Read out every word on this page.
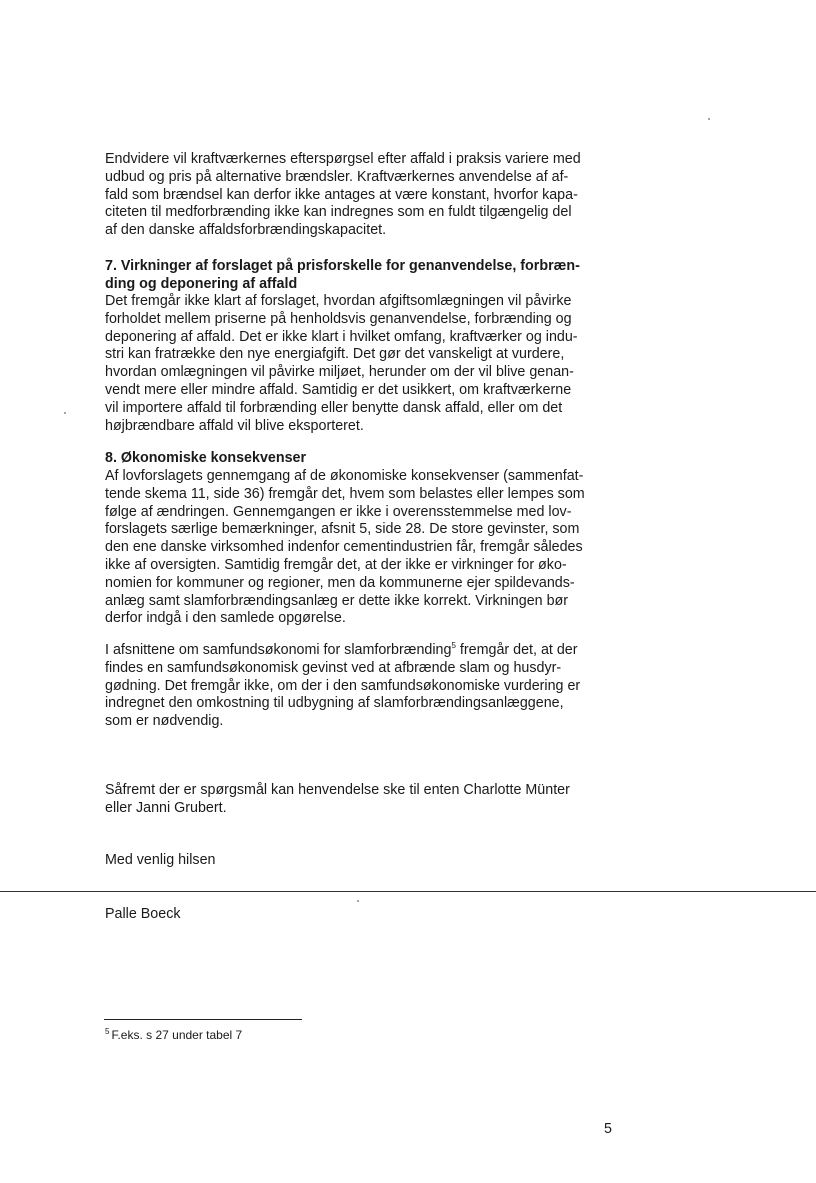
Endvidere vil kraftværkernes efterspørgsel efter affald i praksis variere med
udbud og pris på alternative brændsler. Kraftværkernes anvendelse af af-
fald som brændsel kan derfor ikke antages at være konstant, hvorfor kapa-
citeten til medforbrænding ikke kan indregnes som en fuldt tilgængelig del
af den danske affaldsforbrændingskapacitet.
7. Virkninger af forslaget på prisforskelle for genanvendelse, forbræn-
ding og deponering af affald
Det fremgår ikke klart af forslaget, hvordan afgiftsomlægningen vil påvirke
forholdet mellem priserne på henholdsvis genanvendelse, forbrænding og
deponering af affald. Det er ikke klart i hvilket omfang, kraftværker og indu-
stri kan fratrække den nye energiafgift. Det gør det vanskeligt at vurdere,
hvordan omlægningen vil påvirke miljøet, herunder om der vil blive genan-
vendt mere eller mindre affald. Samtidig er det usikkert, om kraftværkerne
vil importere affald til forbrænding eller benytte dansk affald, eller om det
højbrændbare affald vil blive eksporteret.
8. Økonomiske konsekvenser
Af lovforslagets gennemgang af de økonomiske konsekvenser (sammenfat-
tende skema 11, side 36) fremgår det, hvem som belastes eller lempes som
følge af ændringen. Gennemgangen er ikke i overensstemmelse med lov-
forslagets særlige bemærkninger, afsnit 5, side 28. De store gevinster, som
den ene danske virksomhed indenfor cementindustrien får, fremgår således
ikke af oversigten. Samtidig fremgår det, at der ikke er virkninger for øko-
nomien for kommuner og regioner, men da kommunerne ejer spildevands-
anlæg samt slamforbrændingsanlæg er dette ikke korrekt. Virkningen bør
derfor indgå i den samlede opgørelse.
I afsnittene om samfundsøkonomi for slamforbrænding$^5$ fremgår det, at der
findes en samfundsøkonomisk gevinst ved at afbrænde slam og husdyr-
gødning. Det fremgår ikke, om der i den samfundsøkonomiske vurdering er
indregnet den omkostning til udbygning af slamforbrændingsanlæggene,
som er nødvendig.
Såfremt der er spørgsmål kan henvendelse ske til enten Charlotte Münter
eller Janni Grubert.
Med venlig hilsen
Palle Boeck
$^5$ F.eks. s 27 under tabel 7
5
